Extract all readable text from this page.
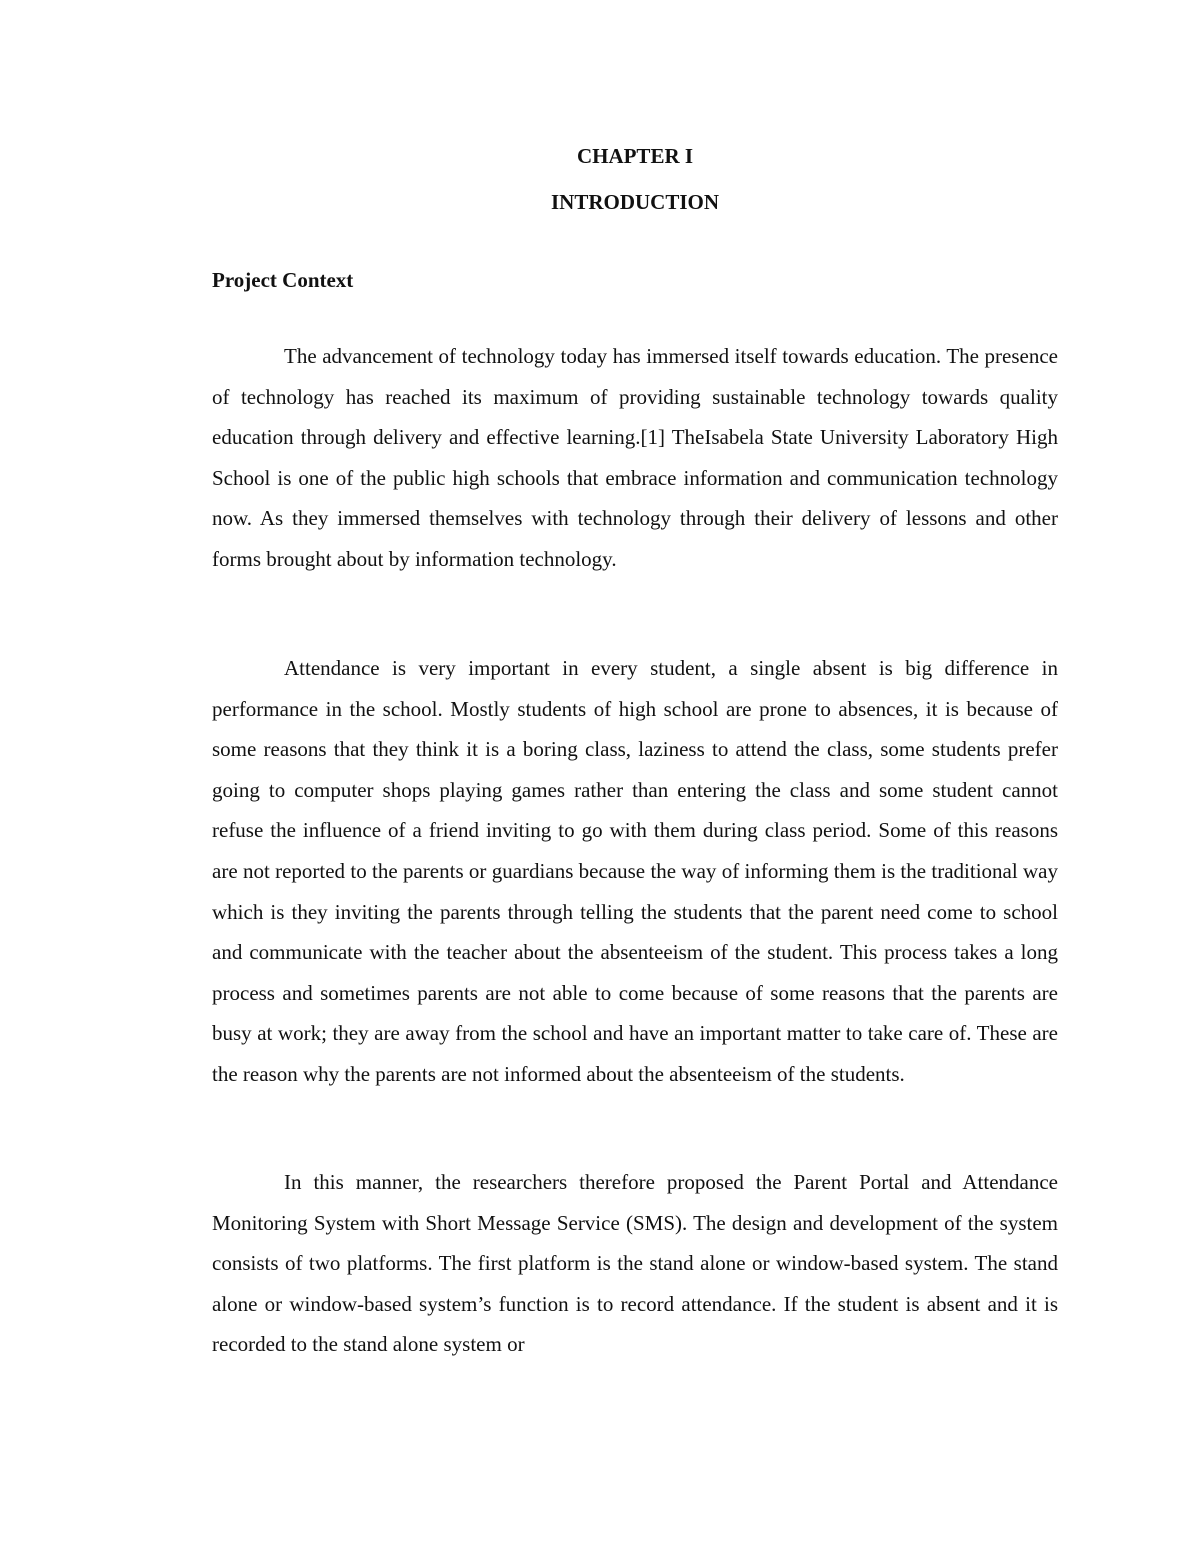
CHAPTER I
INTRODUCTION
Project Context

The advancement of technology today has immersed itself towards education. The presence of technology has reached its maximum of providing sustainable technology towards quality education through delivery and effective learning.[1] TheIsabela State University Laboratory High School is one of the public high schools that embrace information and communication technology now. As they immersed themselves with technology through their delivery of lessons and other forms brought about by information technology.

Attendance is very important in every student, a single absent is big difference in performance in the school. Mostly students of high school are prone to absences, it is because of some reasons that they think it is a boring class, laziness to attend the class, some students prefer going to computer shops playing games rather than entering the class and some student cannot refuse the influence of a friend inviting to go with them during class period. Some of this reasons are not reported to the parents or guardians because the way of informing them is the traditional way which is they inviting the parents through telling the students that the parent need come to school and communicate with the teacher about the absenteeism of the student. This process takes a long process and sometimes parents are not able to come because of some reasons that the parents are busy at work; they are away from the school and have an important matter to take care of. These are the reason why the parents are not informed about the absenteeism of the students.

In this manner, the researchers therefore proposed the Parent Portal and Attendance Monitoring System with Short Message Service (SMS). The design and development of the system consists of two platforms. The first platform is the stand alone or window-based system. The stand alone or window-based system’s function is to record attendance. If the student is absent and it is recorded to the stand alone system or
